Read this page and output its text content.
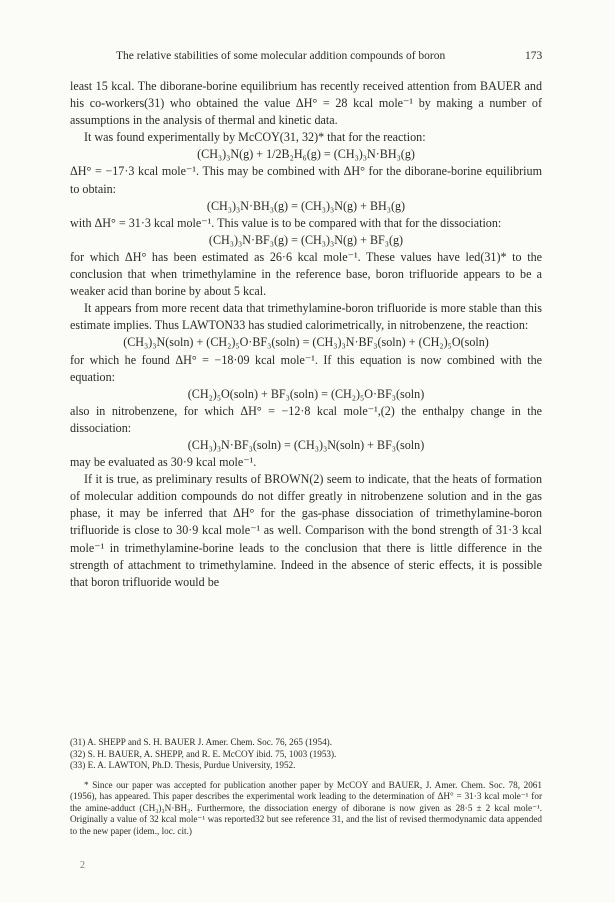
The relative stabilities of some molecular addition compounds of boron	173

least 15 kcal. The diborane-borine equilibrium has recently received attention from BAUER and his co-workers(31) who obtained the value ΔH° = 28 kcal mole⁻¹ by making a number of assumptions in the analysis of thermal and kinetic data.

It was found experimentally by McCOY(31, 32)* that for the reaction:

(CH₃)₃N(g) + 1/2B₂H₆(g) = (CH₃)₃N·BH₃(g)

ΔH° = −17·3 kcal mole⁻¹. This may be combined with ΔH° for the diborane-borine equilibrium to obtain:

(CH₃)₃N·BH₃(g) = (CH₃)₃N(g) + BH₃(g)

with ΔH° = 31·3 kcal mole⁻¹. This value is to be compared with that for the dissociation:

(CH₃)₃N·BF₃(g) = (CH₃)₃N(g) + BF₃(g)

for which ΔH° has been estimated as 26·6 kcal mole⁻¹. These values have led(31)* to the conclusion that when trimethylamine in the reference base, boron trifluoride appears to be a weaker acid than borine by about 5 kcal.

It appears from more recent data that trimethylamine-boron trifluoride is more stable than this estimate implies. Thus LAWTON33 has studied calorimetrically, in nitrobenzene, the reaction:

(CH₃)₃N(soln) + (CH₂)₅O·BF₃(soln) = (CH₃)₃N·BF₃(soln) + (CH₂)₅O(soln)

for which he found ΔH° = −18·09 kcal mole⁻¹. If this equation is now combined with the equation:

(CH₂)₅O(soln) + BF₃(soln) = (CH₂)₅O·BF₃(soln)

also in nitrobenzene, for which ΔH° = −12·8 kcal mole⁻¹,(2) the enthalpy change in the dissociation:

(CH₃)₃N·BF₃(soln) = (CH₃)₃N(soln) + BF₃(soln)

may be evaluated as 30·9 kcal mole⁻¹.

If it is true, as preliminary results of BROWN(2) seem to indicate, that the heats of formation of molecular addition compounds do not differ greatly in nitrobenzene solution and in the gas phase, it may be inferred that ΔH° for the gas-phase dissociation of trimethylamine-boron trifluoride is close to 30·9 kcal mole⁻¹ as well. Comparison with the bond strength of 31·3 kcal mole⁻¹ in trimethylamine-borine leads to the conclusion that there is little difference in the strength of attachment to trimethylamine. Indeed in the absence of steric effects, it is possible that boron trifluoride would be

(31) A. SHEPP and S. H. BAUER J. Amer. Chem. Soc. 76, 265 (1954).

(32) S. H. BAUER, A. SHEPP, and R. E. McCOY ibid. 75, 1003 (1953).

(33) E. A. LAWTON, Ph.D. Thesis, Purdue University, 1952.

* Since our paper was accepted for publication another paper by McCOY and BAUER, J. Amer. Chem. Soc. 78, 2061 (1956), has appeared. This paper describes the experimental work leading to the determination of ΔH° = 31·3 kcal mole⁻¹ for the amine-adduct (CH₃)₃N·BH₃. Furthermore, the dissociation energy of diborane is now given as 28·5 ± 2 kcal mole⁻¹. Originally a value of 32 kcal mole⁻¹ was reported32 but see reference 31, and the list of revised thermodynamic data appended to the new paper (idem., loc. cit.)

2
